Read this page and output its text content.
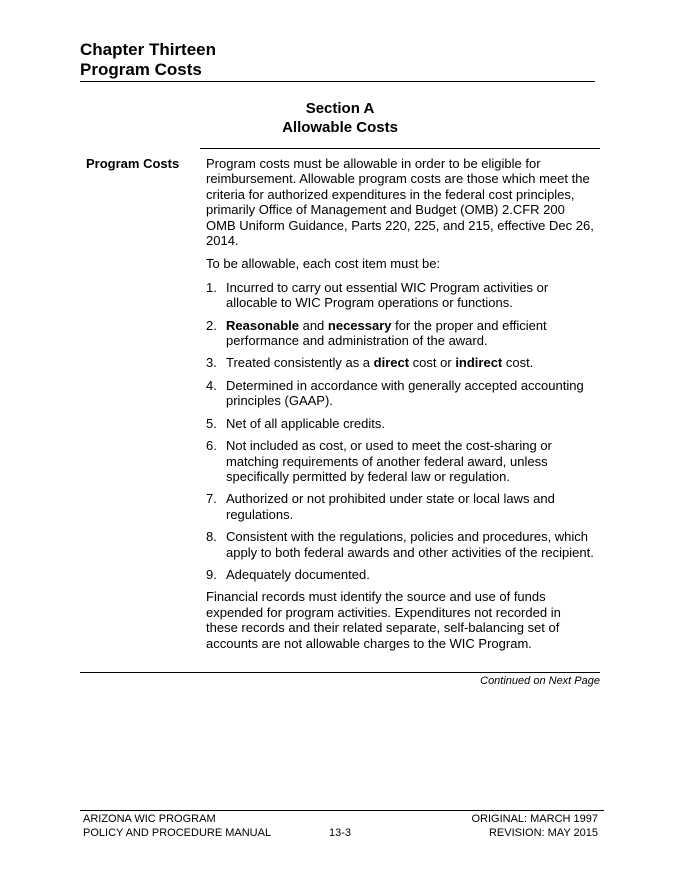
Chapter Thirteen
Program Costs
Section A
Allowable Costs
Program Costs Program costs must be allowable in order to be eligible for reimbursement. Allowable program costs are those which meet the criteria for authorized expenditures in the federal cost principles, primarily Office of Management and Budget (OMB) 2.CFR 200 OMB Uniform Guidance, Parts 220, 225, and 215, effective Dec 26, 2014.

To be allowable, each cost item must be:

1. Incurred to carry out essential WIC Program activities or allocable to WIC Program operations or functions.
2. Reasonable and necessary for the proper and efficient performance and administration of the award.
3. Treated consistently as a direct cost or indirect cost.
4. Determined in accordance with generally accepted accounting principles (GAAP).
5. Net of all applicable credits.
6. Not included as cost, or used to meet the cost-sharing or matching requirements of another federal award, unless specifically permitted by federal law or regulation.
7. Authorized or not prohibited under state or local laws and regulations.
8. Consistent with the regulations, policies and procedures, which apply to both federal awards and other activities of the recipient.
9. Adequately documented.

Financial records must identify the source and use of funds expended for program activities. Expenditures not recorded in these records and their related separate, self-balancing set of accounts are not allowable charges to the WIC Program.

Continued on Next Page
ARIZONA WIC PROGRAM
POLICY AND PROCEDURE MANUAL	13-3
ORIGINAL: MARCH 1997
REVISION: MAY 2015
